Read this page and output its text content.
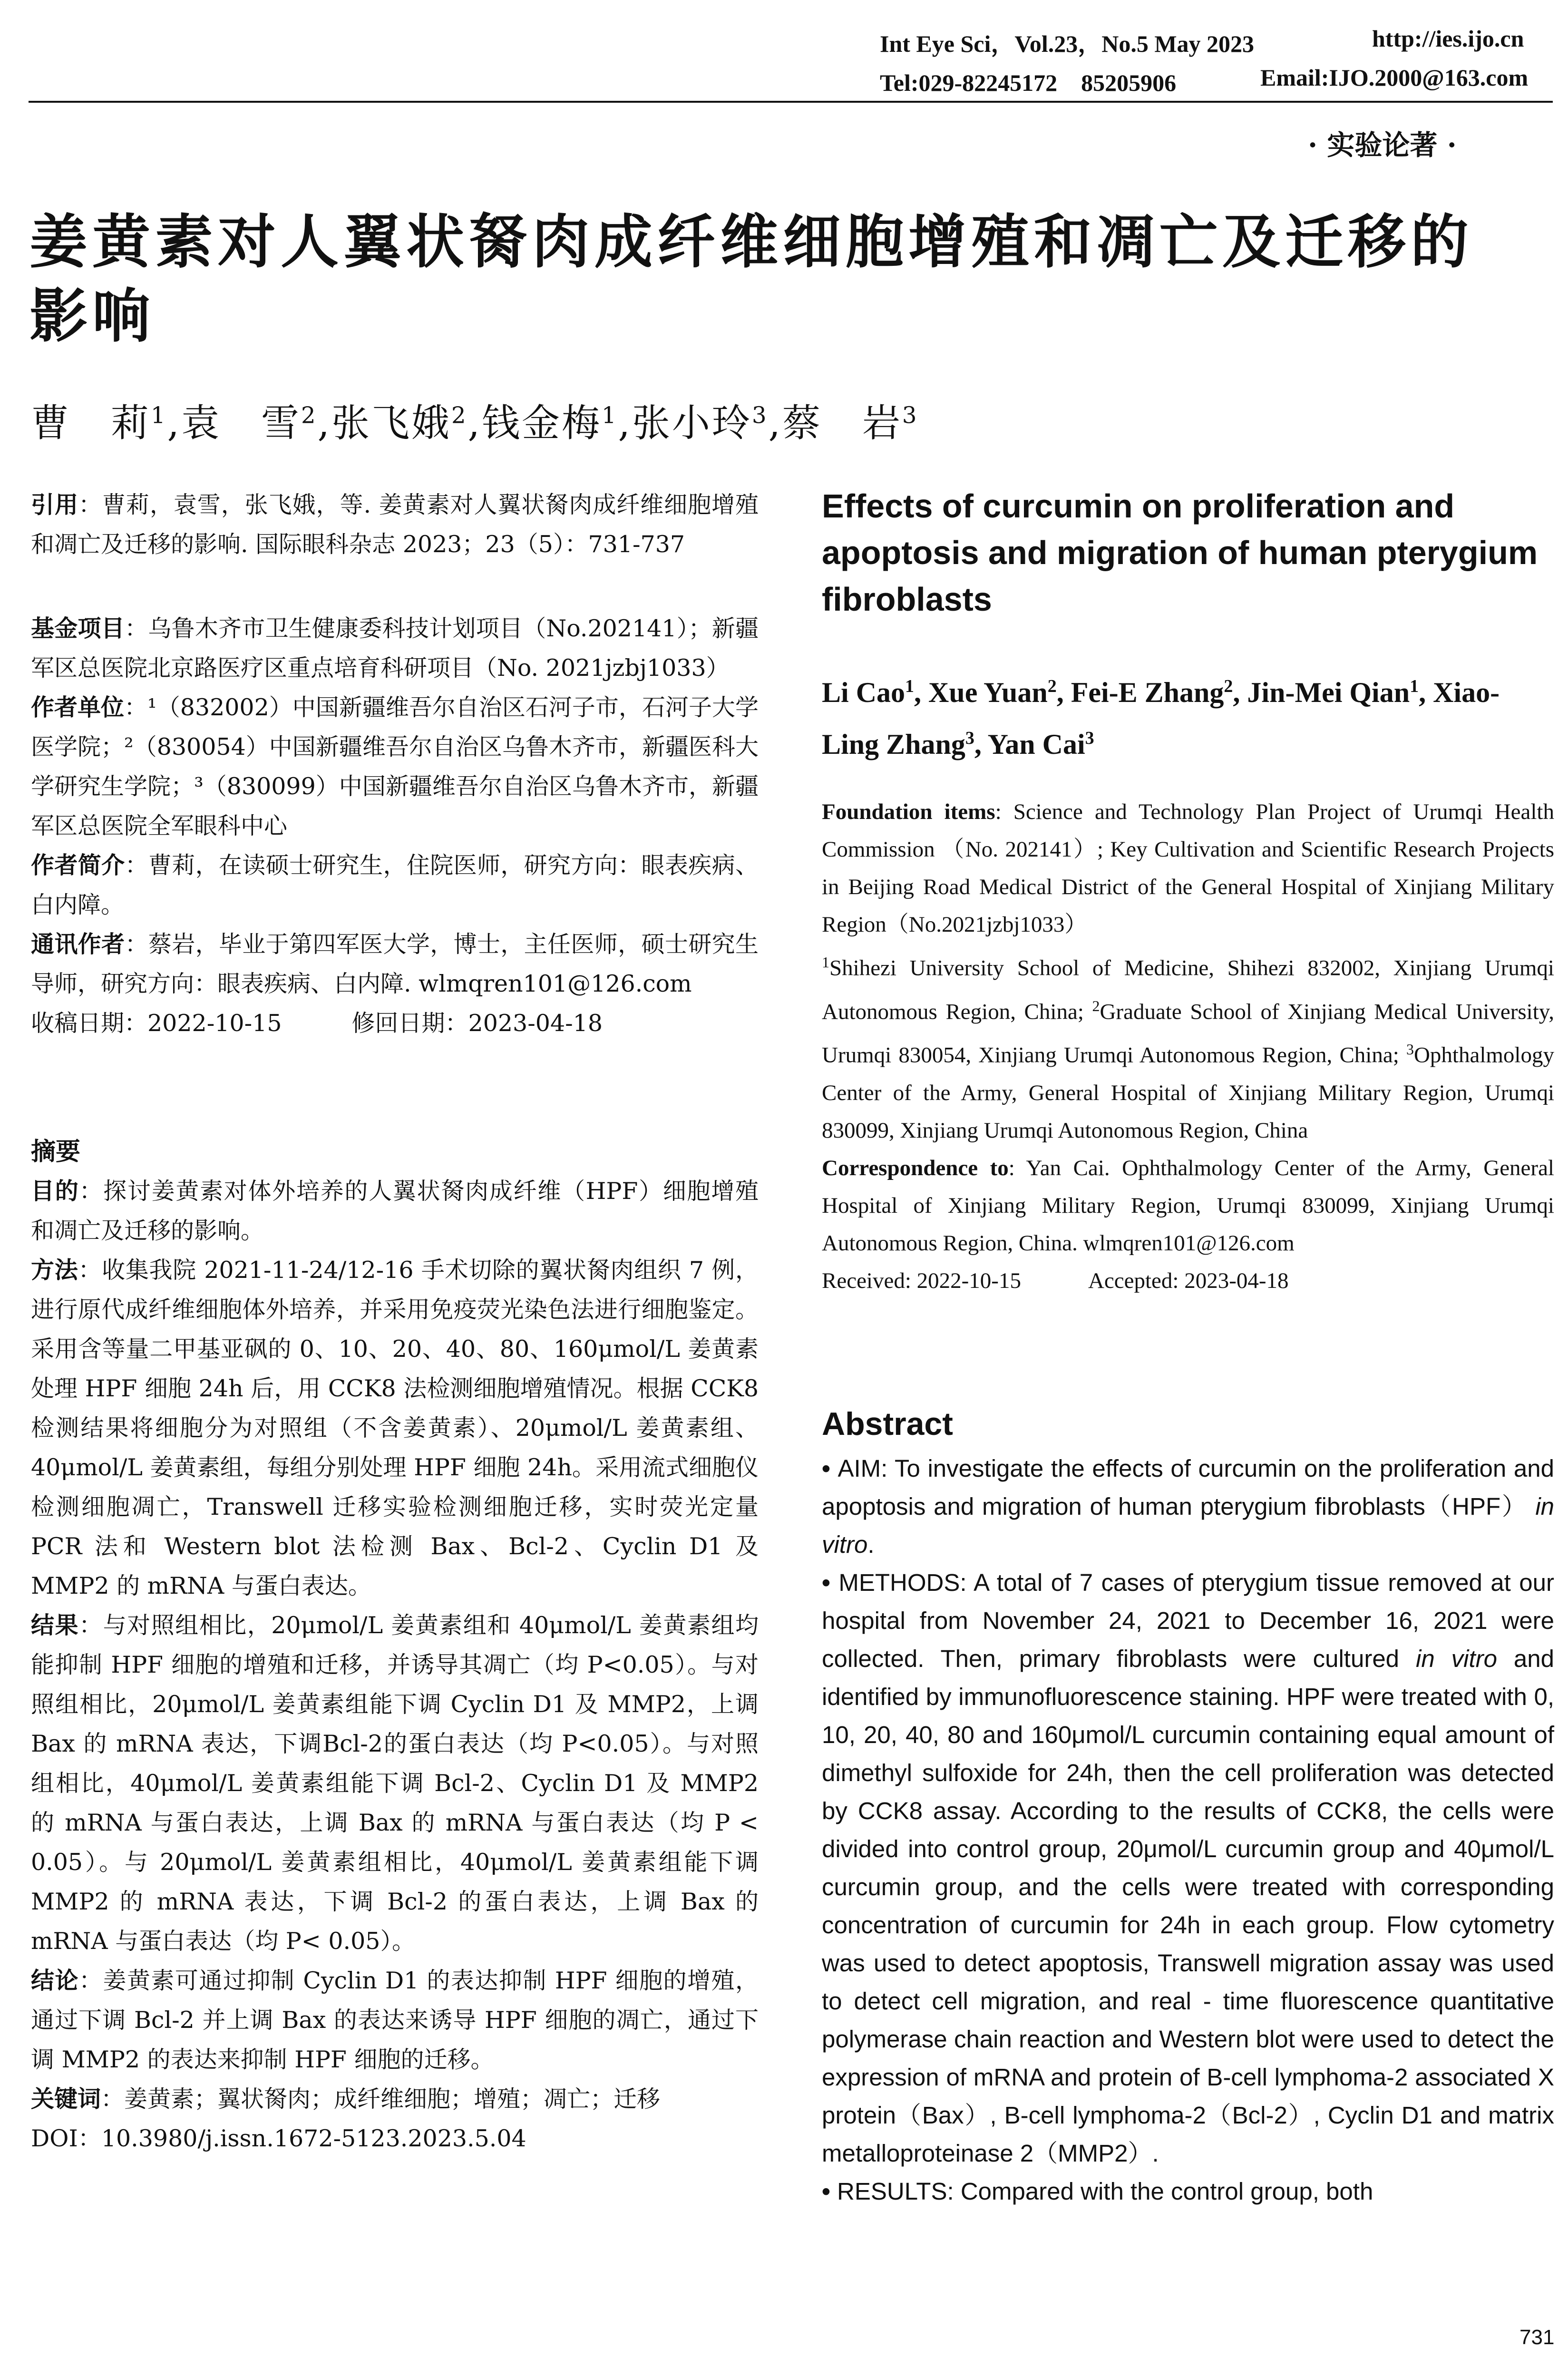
Int Eye Sci，Vol.23，No.5 May 2023	http://ies.ijo.cn
Tel:029-82245172　85205906	Email:IJO.2000@163.com
· 实验论著 ·
姜黄素对人翼状胬肉成纤维细胞增殖和凋亡及迁移的
影响
曹　莉$^1$,袁　雪$^2$,张飞娥$^2$,钱金梅$^1$,张小玲$^3$,蔡　岩$^3$
引用：曹莉，袁雪，张飞娥，等. 姜黄素对人翼状胬肉成纤维细胞增殖和凋亡及迁移的影响. 国际眼科杂志 2023；23（5）：731-737
基金项目：乌鲁木齐市卫生健康委科技计划项目（No.202141）；新疆军区总医院北京路医疗区重点培育科研项目（No. 2021jzbj1033）
作者单位：¹（832002）中国新疆维吾尔自治区石河子市，石河子大学医学院；²（830054）中国新疆维吾尔自治区乌鲁木齐市，新疆医科大学研究生学院；³（830099）中国新疆维吾尔自治区乌鲁木齐市，新疆军区总医院全军眼科中心
作者简介：曹莉，在读硕士研究生，住院医师，研究方向：眼表疾病、白内障。
通讯作者：蔡岩，毕业于第四军医大学，博士，主任医师，硕士研究生导师，研究方向：眼表疾病、白内障. wlmqren101@126.com
收稿日期：2022-10-15　　　修回日期：2023-04-18
摘要
目的：探讨姜黄素对体外培养的人翼状胬肉成纤维（HPF）细胞增殖和凋亡及迁移的影响。
方法：收集我院 2021-11-24/12-16 手术切除的翼状胬肉组织 7 例，进行原代成纤维细胞体外培养，并采用免疫荧光染色法进行细胞鉴定。采用含等量二甲基亚砜的 0、10、20、40、80、160μmol/L 姜黄素处理 HPF 细胞 24h 后，用 CCK8 法检测细胞增殖情况。根据 CCK8 检测结果将细胞分为对照组（不含姜黄素）、20μmol/L 姜黄素组、40μmol/L 姜黄素组，每组分别处理 HPF 细胞 24h。采用流式细胞仪检测细胞凋亡，Transwell 迁移实验检测细胞迁移，实时荧光定量 PCR 法和 Western blot 法检测 Bax、Bcl-2、Cyclin D1 及 MMP2 的 mRNA 与蛋白表达。
结果：与对照组相比，20μmol/L 姜黄素组和 40μmol/L 姜黄素组均能抑制 HPF 细胞的增殖和迁移，并诱导其凋亡（均 P<0.05）。与对照组相比，20μmol/L 姜黄素组能下调 Cyclin D1 及 MMP2，上调 Bax 的 mRNA 表达，下调Bcl-2的蛋白表达（均 P<0.05）。与对照组相比，40μmol/L 姜黄素组能下调 Bcl-2、Cyclin D1 及 MMP2 的 mRNA 与蛋白表达，上调 Bax 的 mRNA 与蛋白表达（均 P < 0.05）。与 20μmol/L 姜黄素组相比，40μmol/L 姜黄素组能下调 MMP2 的 mRNA 表达，下调 Bcl-2 的蛋白表达，上调 Bax 的 mRNA 与蛋白表达（均 P< 0.05）。
结论：姜黄素可通过抑制 Cyclin D1 的表达抑制 HPF 细胞的增殖，通过下调 Bcl-2 并上调 Bax 的表达来诱导 HPF 细胞的凋亡，通过下调 MMP2 的表达来抑制 HPF 细胞的迁移。
关键词：姜黄素；翼状胬肉；成纤维细胞；增殖；凋亡；迁移
DOI：10.3980/j.issn.1672-5123.2023.5.04
Effects of curcumin on proliferation and apoptosis and migration of human pterygium fibroblasts
Li Cao$^1$, Xue Yuan$^2$, Fei-E Zhang$^2$, Jin-Mei Qian$^1$, Xiao-Ling Zhang$^3$, Yan Cai$^3$
Foundation items: Science and Technology Plan Project of Urumqi Health Commission （No. 202141）; Key Cultivation and Scientific Research Projects in Beijing Road Medical District of the General Hospital of Xinjiang Military Region（No.2021jzbj1033）
$^1$Shihezi University School of Medicine, Shihezi 832002, Xinjiang Urumqi Autonomous Region, China; $^2$Graduate School of Xinjiang Medical University, Urumqi 830054, Xinjiang Urumqi Autonomous Region, China; $^3$Ophthalmology Center of the Army, General Hospital of Xinjiang Military Region, Urumqi 830099, Xinjiang Urumqi Autonomous Region, China
Correspondence to: Yan Cai. Ophthalmology Center of the Army, General Hospital of Xinjiang Military Region, Urumqi 830099, Xinjiang Urumqi Autonomous Region, China. wlmqren101@126.com
Received: 2022-10-15　　　Accepted: 2023-04-18
Abstract
• AIM: To investigate the effects of curcumin on the proliferation and apoptosis and migration of human pterygium fibroblasts（HPF） in vitro.
• METHODS: A total of 7 cases of pterygium tissue removed at our hospital from November 24, 2021 to December 16, 2021 were collected. Then, primary fibroblasts were cultured in vitro and identified by immunofluorescence staining. HPF were treated with 0, 10, 20, 40, 80 and 160μmol/L curcumin containing equal amount of dimethyl sulfoxide for 24h, then the cell proliferation was detected by CCK8 assay. According to the results of CCK8, the cells were divided into control group, 20μmol/L curcumin group and 40μmol/L curcumin group, and the cells were treated with corresponding concentration of curcumin for 24h in each group. Flow cytometry was used to detect apoptosis, Transwell migration assay was used to detect cell migration, and real - time fluorescence quantitative polymerase chain reaction and Western blot were used to detect the expression of mRNA and protein of B-cell lymphoma-2 associated X protein（Bax）, B-cell lymphoma-2（Bcl-2）, Cyclin D1 and matrix metalloproteinase 2（MMP2）.
• RESULTS: Compared with the control group, both
731
